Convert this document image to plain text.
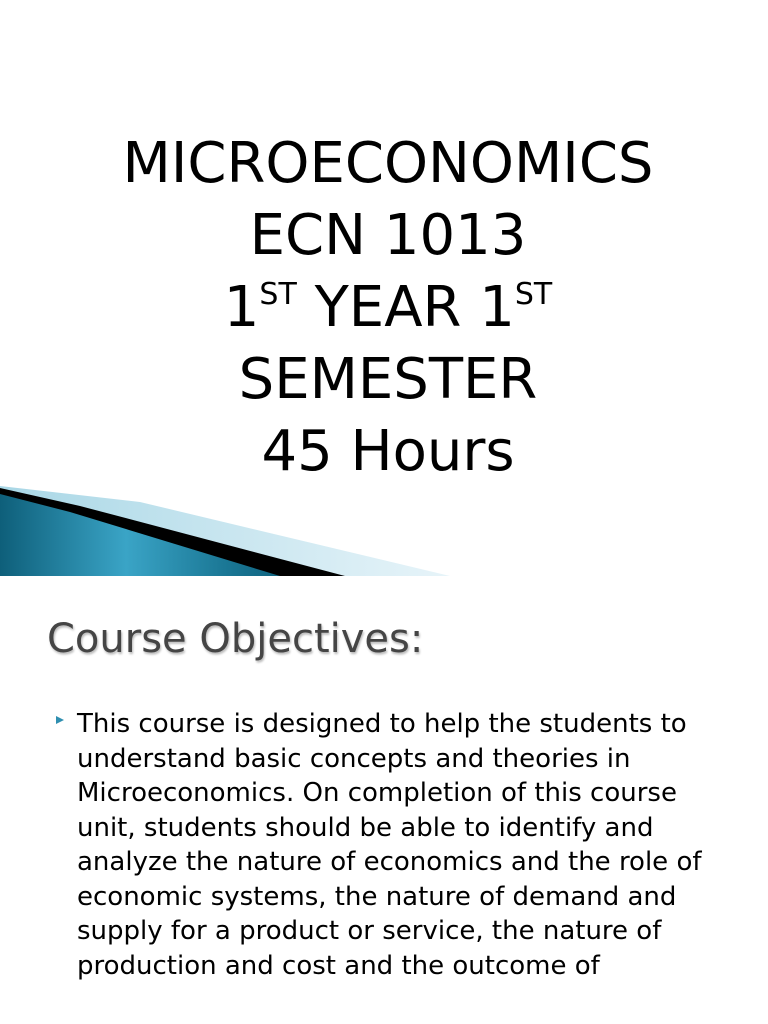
MICROECONOMICS
ECN 1013
1ST YEAR 1ST
SEMESTER
45 Hours
Course Objectives:
This course is designed to help the students to understand basic concepts and theories in Microeconomics. On completion of this course unit, students should be able to identify and analyze the nature of economics and the role of economic systems, the nature of demand and supply for a product or service, the nature of production and cost and the outcome of
